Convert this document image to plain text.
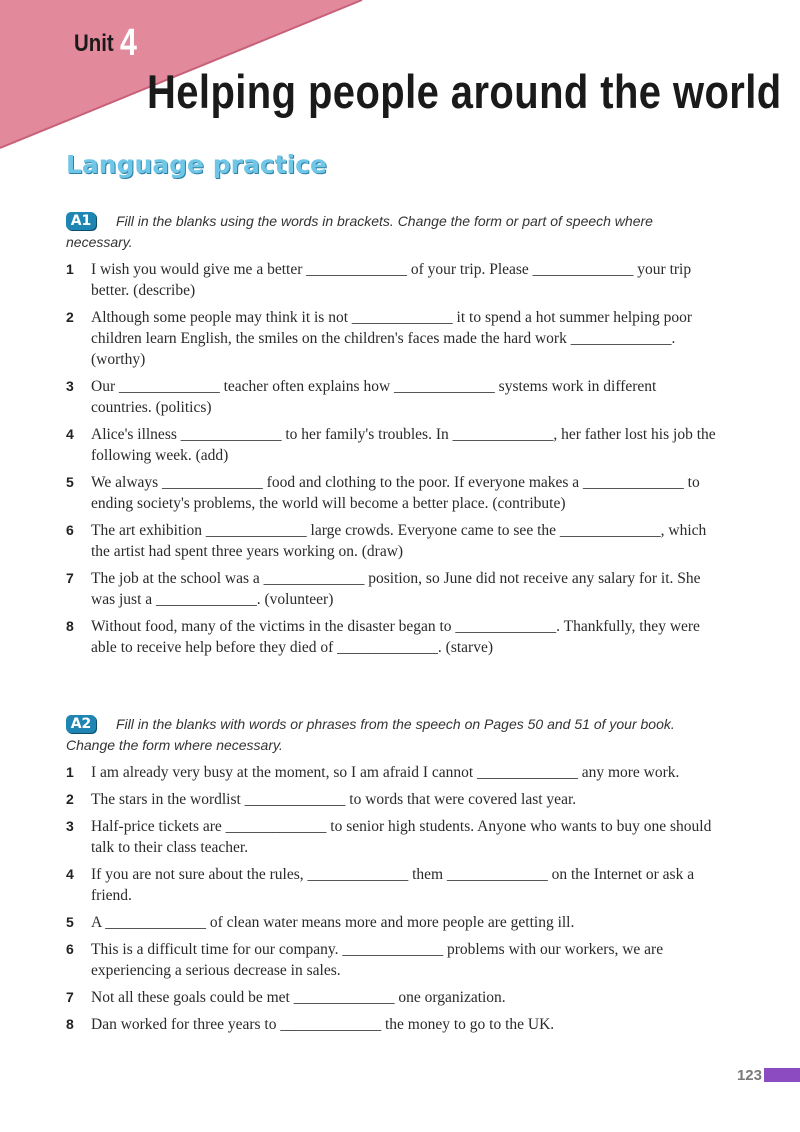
Unit 4
Helping people around the world
Language practice
A1 Fill in the blanks using the words in brackets. Change the form or part of speech where necessary.
1 I wish you would give me a better _____________ of your trip. Please _____________ your trip better. (describe)
2 Although some people may think it is not _____________ it to spend a hot summer helping poor children learn English, the smiles on the children's faces made the hard work _____________. (worthy)
3 Our _____________ teacher often explains how _____________ systems work in different countries. (politics)
4 Alice's illness _____________ to her family's troubles. In _____________, her father lost his job the following week. (add)
5 We always _____________ food and clothing to the poor. If everyone makes a _____________ to ending society's problems, the world will become a better place. (contribute)
6 The art exhibition _____________ large crowds. Everyone came to see the _____________, which the artist had spent three years working on. (draw)
7 The job at the school was a _____________ position, so June did not receive any salary for it. She was just a _____________. (volunteer)
8 Without food, many of the victims in the disaster began to _____________. Thankfully, they were able to receive help before they died of _____________. (starve)
A2 Fill in the blanks with words or phrases from the speech on Pages 50 and 51 of your book. Change the form where necessary.
1 I am already very busy at the moment, so I am afraid I cannot _____________ any more work.
2 The stars in the wordlist _____________ to words that were covered last year.
3 Half-price tickets are _____________ to senior high students. Anyone who wants to buy one should talk to their class teacher.
4 If you are not sure about the rules, _____________ them _____________ on the Internet or ask a friend.
5 A _____________ of clean water means more and more people are getting ill.
6 This is a difficult time for our company. _____________ problems with our workers, we are experiencing a serious decrease in sales.
7 Not all these goals could be met _____________ one organization.
8 Dan worked for three years to _____________ the money to go to the UK.
123
